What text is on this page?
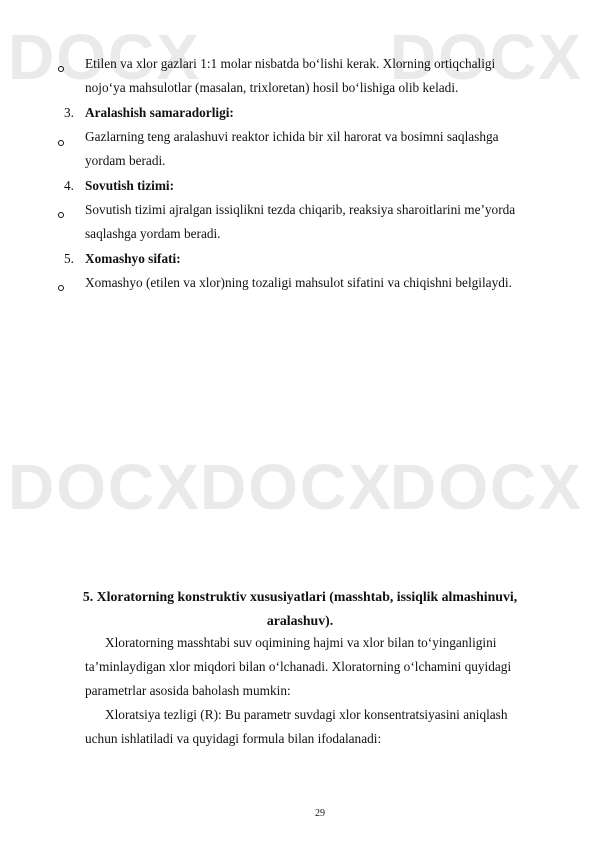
DOCX	DOCX
DOCX DOCX
DOCX
Etilen va xlor gazlari 1:1 molar nisbatda bo‘lishi kerak. Xlorning ortiqchaligi
nojo‘ya mahsulotlar (masalan, trixloretan) hosil bo‘lishiga olib keladi.
3. Aralashish samaradorligi:
Gazlarning teng aralashuvi reaktor ichida bir xil harorat va bosimni saqlashga
yordam beradi.
4. Sovutish tizimi:
Sovutish tizimi ajralgan issiqlikni tezda chiqarib, reaksiya sharoitlarini me’yorda
saqlashga yordam beradi.
5. Xomashyo sifati:
Xomashyo (etilen va xlor)ning tozaligi mahsulot sifatini va chiqishni belgilaydi.
5. Xloratorning konstruktiv xususiyatlari (masshtab, issiqlik almashinuvi,
aralashuv).
Xloratorning masshtabi suv oqimining hajmi va xlor bilan to‘yinganligini
ta’minlaydigan xlor miqdori bilan o‘lchanadi. Xloratorning o‘lchamini quyidagi
parametrlar asosida baholash mumkin:
Xloratsiya tezligi (R): Bu parametr suvdagi xlor konsentratsiyasini aniqlash
uchun ishlatiladi va quyidagi formula bilan ifodalanadi:
29
